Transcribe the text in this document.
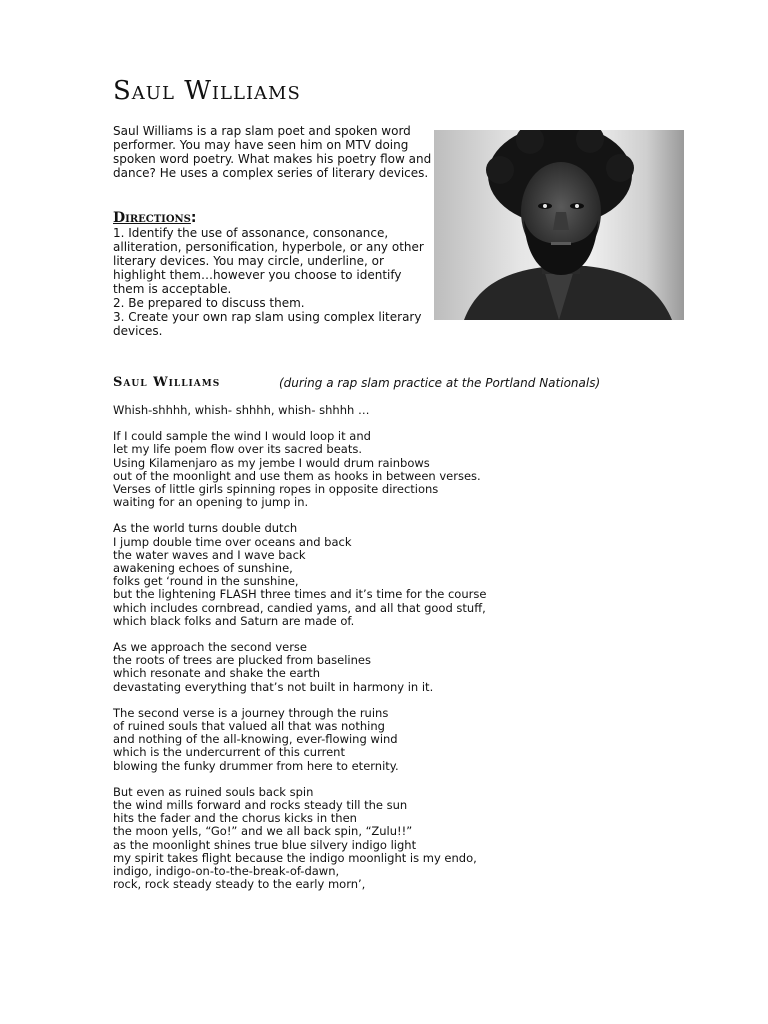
Saul Williams

Saul Williams is a rap slam poet and spoken word performer. You may have seen him on MTV doing spoken word poetry. What makes his poetry flow and dance? He uses a complex series of literary devices.

Directions:
1. Identify the use of assonance, consonance, alliteration, personification, hyperbole, or any other literary devices. You may circle, underline, or highlight them…however you choose to identify them is acceptable.
2. Be prepared to discuss them.
3. Create your own rap slam using complex literary devices.
Saul Williams	(during a rap slam practice at the Portland Nationals)
Whish-shhhh, whish- shhhh, whish- shhhh …
If I could sample the wind I would loop it and
let my life poem flow over its sacred beats.
Using Kilamenjaro as my jembe I would drum rainbows
out of the moonlight and use them as hooks in between verses.
Verses of little girls spinning ropes in opposite directions
waiting for an opening to jump in.
As the world turns double dutch
I jump double time over oceans and back
the water waves and I wave back
awakening echoes of sunshine,
folks get ‘round in the sunshine,
but the lightening FLASH three times and it’s time for the course
which includes cornbread, candied yams, and all that good stuff,
which black folks and Saturn are made of.
As we approach the second verse
the roots of trees are plucked from baselines
which resonate and shake the earth
devastating everything that’s not built in harmony in it.
The second verse is a journey through the ruins
of ruined souls that valued all that was nothing
and nothing of the all-knowing, ever-flowing wind
which is the undercurrent of this current
blowing the funky drummer from here to eternity.
But even as ruined souls back spin
the wind mills forward and rocks steady till the sun
hits the fader and the chorus kicks in then
the moon yells, “Go!” and we all back spin, “Zulu!!”
as the moonlight shines true blue silvery indigo light
my spirit takes flight because the indigo moonlight is my endo,
indigo, indigo-on-to-the-break-of-dawn,
rock, rock steady steady to the early morn’,
